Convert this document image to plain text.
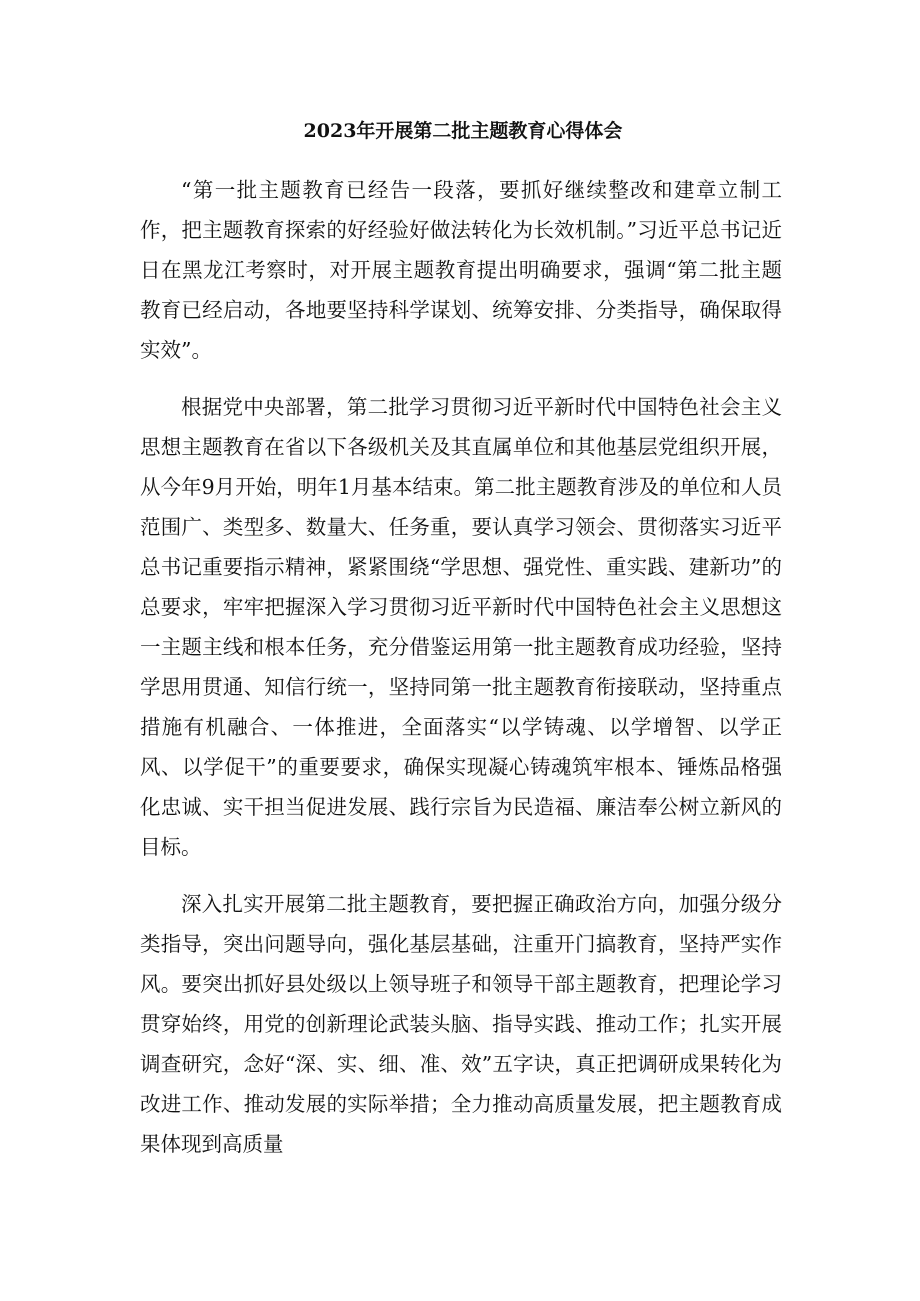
2023年开展第二批主题教育心得体会

“第一批主题教育已经告一段落，要抓好继续整改和建章立制工作，把主题教育探索的好经验好做法转化为长效机制。”习近平总书记近日在黑龙江考察时，对开展主题教育提出明确要求，强调“第二批主题教育已经启动，各地要坚持科学谋划、统筹安排、分类指导，确保取得实效”。

根据党中央部署，第二批学习贯彻习近平新时代中国特色社会主义思想主题教育在省以下各级机关及其直属单位和其他基层党组织开展，从今年9月开始，明年1月基本结束。第二批主题教育涉及的单位和人员范围广、类型多、数量大、任务重，要认真学习领会、贯彻落实习近平总书记重要指示精神，紧紧围绕“学思想、强党性、重实践、建新功”的总要求，牢牢把握深入学习贯彻习近平新时代中国特色社会主义思想这一主题主线和根本任务，充分借鉴运用第一批主题教育成功经验，坚持学思用贯通、知信行统一，坚持同第一批主题教育衔接联动，坚持重点措施有机融合、一体推进，全面落实“以学铸魂、以学增智、以学正风、以学促干”的重要要求，确保实现凝心铸魂筑牢根本、锤炼品格强化忠诚、实干担当促进发展、践行宗旨为民造福、廉洁奉公树立新风的目标。

深入扎实开展第二批主题教育，要把握正确政治方向，加强分级分类指导，突出问题导向，强化基层基础，注重开门搞教育，坚持严实作风。要突出抓好县处级以上领导班子和领导干部主题教育，把理论学习贯穿始终，用党的创新理论武装头脑、指导实践、推动工作；扎实开展调查研究，念好“深、实、细、准、效”五字诀，真正把调研成果转化为改进工作、推动发展的实际举措；全力推动高质量发展，把主题教育成果体现到高质量
